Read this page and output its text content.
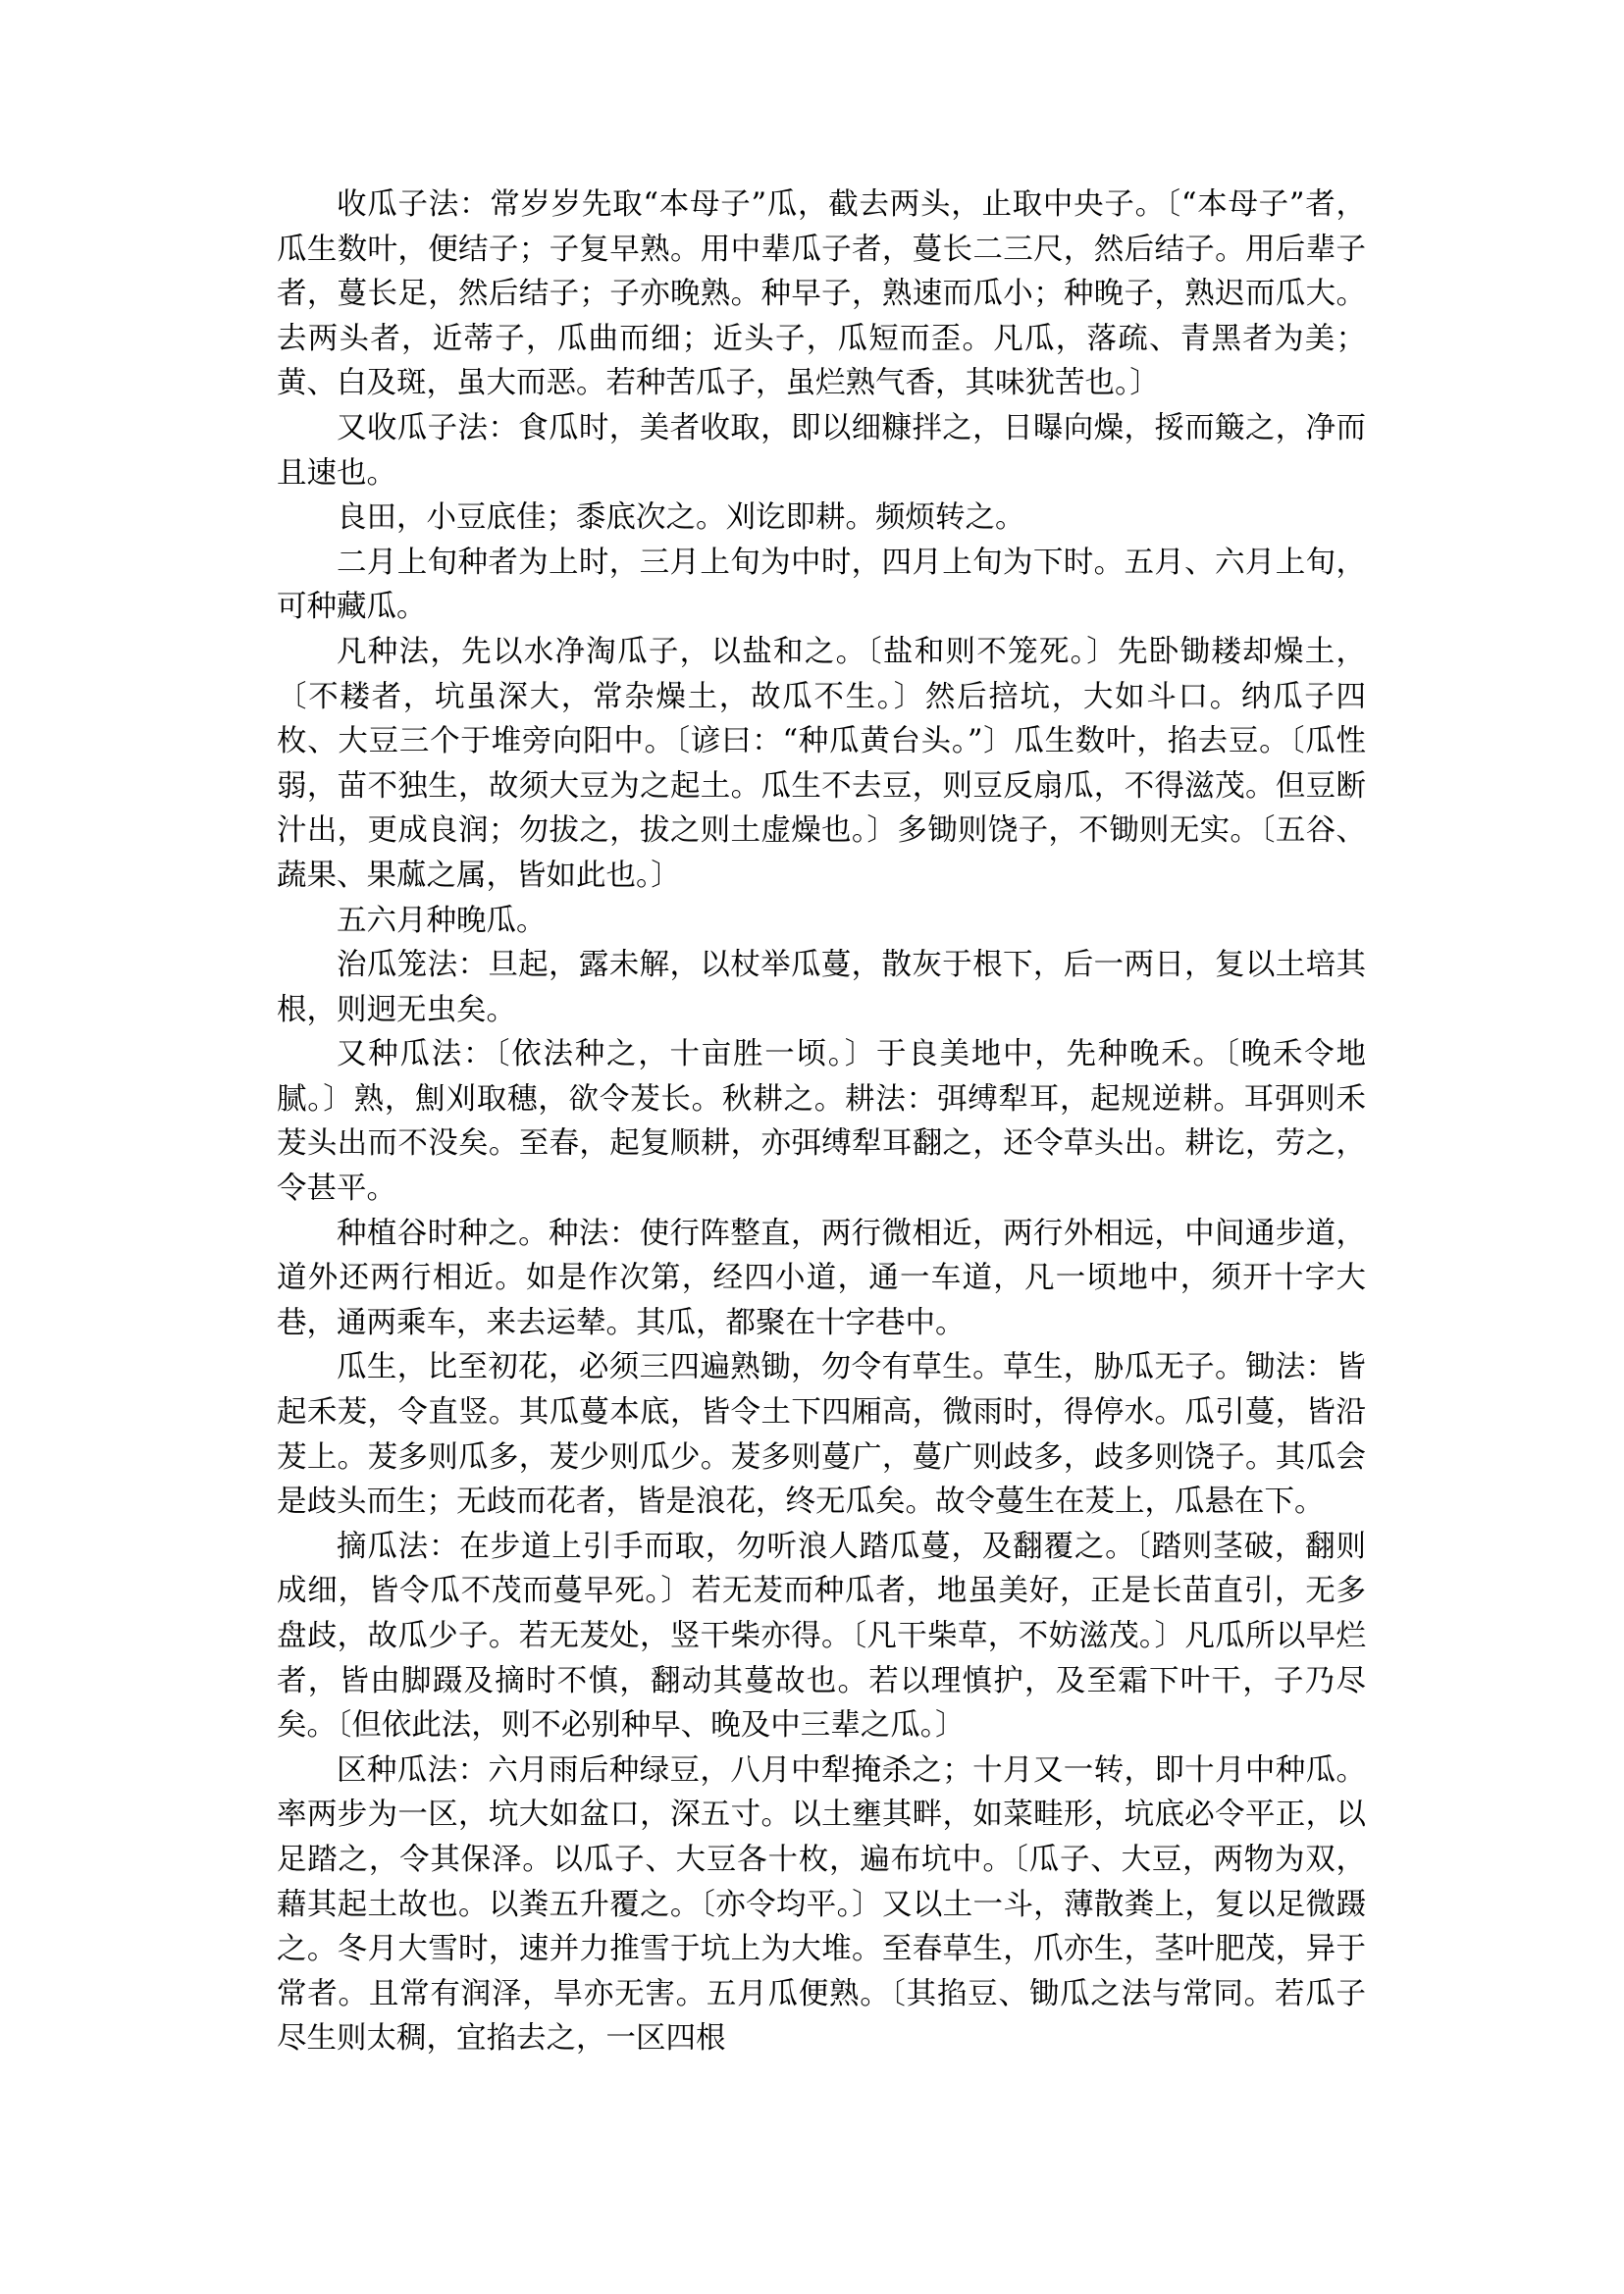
收瓜子法：常岁岁先取“本母子”瓜，截去两头，止取中央子。〔“本母子”者，瓜生数叶，便结子；子复早熟。用中辈瓜子者，蔓长二三尺，然后结子。用后辈子者，蔓长足，然后结子；子亦晚熟。种早子，熟速而瓜小；种晚子，熟迟而瓜大。去两头者，近蒂子，瓜曲而细；近头子，瓜短而歪。凡瓜，落疏、青黑者为美；黄、白及斑，虽大而恶。若种苦瓜子，虽烂熟气香，其味犹苦也。〕

又收瓜子法：食瓜时，美者收取，即以细糠拌之，日曝向燥，挼而簸之，净而且速也。

良田，小豆底佳；黍底次之。刈讫即耕。频烦转之。

二月上旬种者为上时，三月上旬为中时，四月上旬为下时。五月、六月上旬，可种藏瓜。

凡种法，先以水净淘瓜子，以盐和之。〔盐和则不笼死。〕先卧锄耧却燥土，〔不耧者，坑虽深大，常杂燥土，故瓜不生。〕然后掊坑，大如斗口。纳瓜子四枚、大豆三个于堆旁向阳中。〔谚曰：“种瓜黄台头。”〕瓜生数叶，掐去豆。〔瓜性弱，苗不独生，故须大豆为之起土。瓜生不去豆，则豆反扇瓜，不得滋茂。但豆断汁出，更成良润；勿拔之，拔之则土虚燥也。〕多锄则饶子，不锄则无实。〔五谷、蔬果、果蓏之属，皆如此也。〕

五六月种晚瓜。

治瓜笼法：旦起，露未解，以杖举瓜蔓，散灰于根下，后一两日，复以土培其根，则迥无虫矣。

又种瓜法：〔依法种之，十亩胜一顷。〕于良美地中，先种晚禾。〔晚禾令地腻。〕熟，劁刈取穗，欲令茇长。秋耕之。耕法：弭缚犁耳，起规逆耕。耳弭则禾茇头出而不没矣。至春，起复顺耕，亦弭缚犁耳翻之，还令草头出。耕讫，劳之，令甚平。

种植谷时种之。种法：使行阵整直，两行微相近，两行外相远，中间通步道，道外还两行相近。如是作次第，经四小道，通一车道，凡一顷地中，须开十字大巷，通两乘车，来去运辇。其瓜，都聚在十字巷中。

瓜生，比至初花，必须三四遍熟锄，勿令有草生。草生，胁瓜无子。锄法：皆起禾茇，令直竖。其瓜蔓本底，皆令土下四厢高，微雨时，得停水。瓜引蔓，皆沿茇上。茇多则瓜多，茇少则瓜少。茇多则蔓广，蔓广则歧多，歧多则饶子。其瓜会是歧头而生；无歧而花者，皆是浪花，终无瓜矣。故令蔓生在茇上，瓜悬在下。

摘瓜法：在步道上引手而取，勿听浪人踏瓜蔓，及翻覆之。〔踏则茎破，翻则成细，皆令瓜不茂而蔓早死。〕若无茇而种瓜者，地虽美好，正是长苗直引，无多盘歧，故瓜少子。若无茇处，竖干柴亦得。〔凡干柴草，不妨滋茂。〕凡瓜所以早烂者，皆由脚蹑及摘时不慎，翻动其蔓故也。若以理慎护，及至霜下叶干，子乃尽矣。〔但依此法，则不必别种早、晚及中三辈之瓜。〕

区种瓜法：六月雨后种绿豆，八月中犁掩杀之；十月又一转，即十月中种瓜。率两步为一区，坑大如盆口，深五寸。以土壅其畔，如菜畦形，坑底必令平正，以足踏之，令其保泽。以瓜子、大豆各十枚，遍布坑中。〔瓜子、大豆，两物为双，藉其起土故也。以粪五升覆之。〔亦令均平。〕又以土一斗，薄散粪上，复以足微蹑之。冬月大雪时，速并力推雪于坑上为大堆。至春草生，爪亦生，茎叶肥茂，异于常者。且常有润泽，旱亦无害。五月瓜便熟。〔其掐豆、锄瓜之法与常同。若瓜子尽生则太稠，宜掐去之，一区四根
